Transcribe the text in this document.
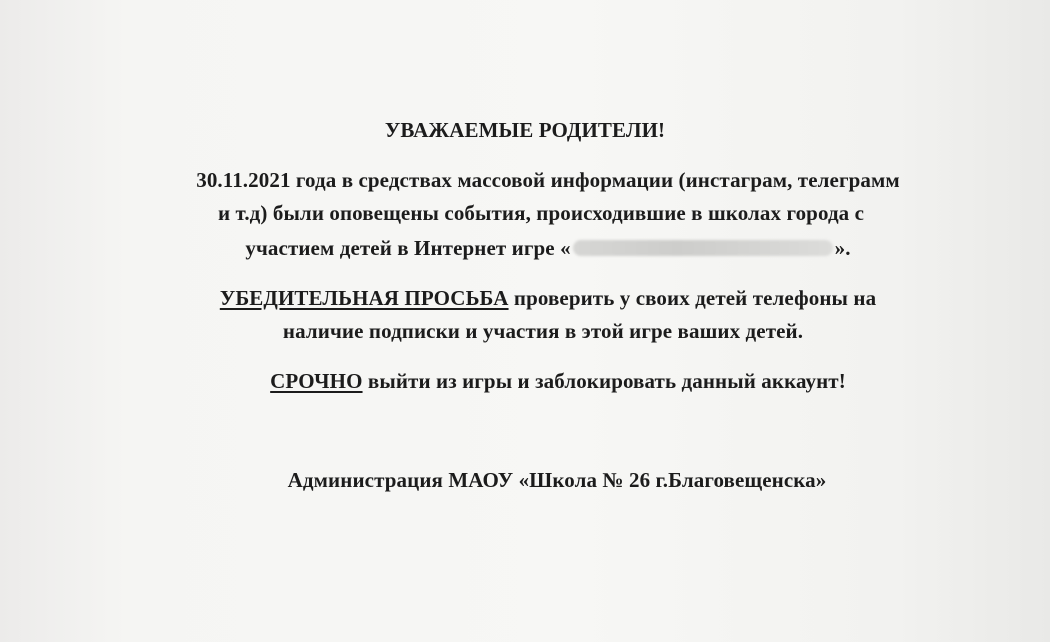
УВАЖАЕМЫЕ РОДИТЕЛИ!
30.11.2021 года в средствах массовой информации (инстаграм, телеграмм
и т.д) были оповещены события, происходившие в школах города с
участием детей в Интернет игре «	».
УБЕДИТЕЛЬНАЯ ПРОСЬБА проверить у своих детей телефоны на
наличие подписки и участия в этой игре ваших детей.
СРОЧНО выйти из игры и заблокировать данный аккаунт!
Администрация МАОУ «Школа № 26 г.Благовещенска»
